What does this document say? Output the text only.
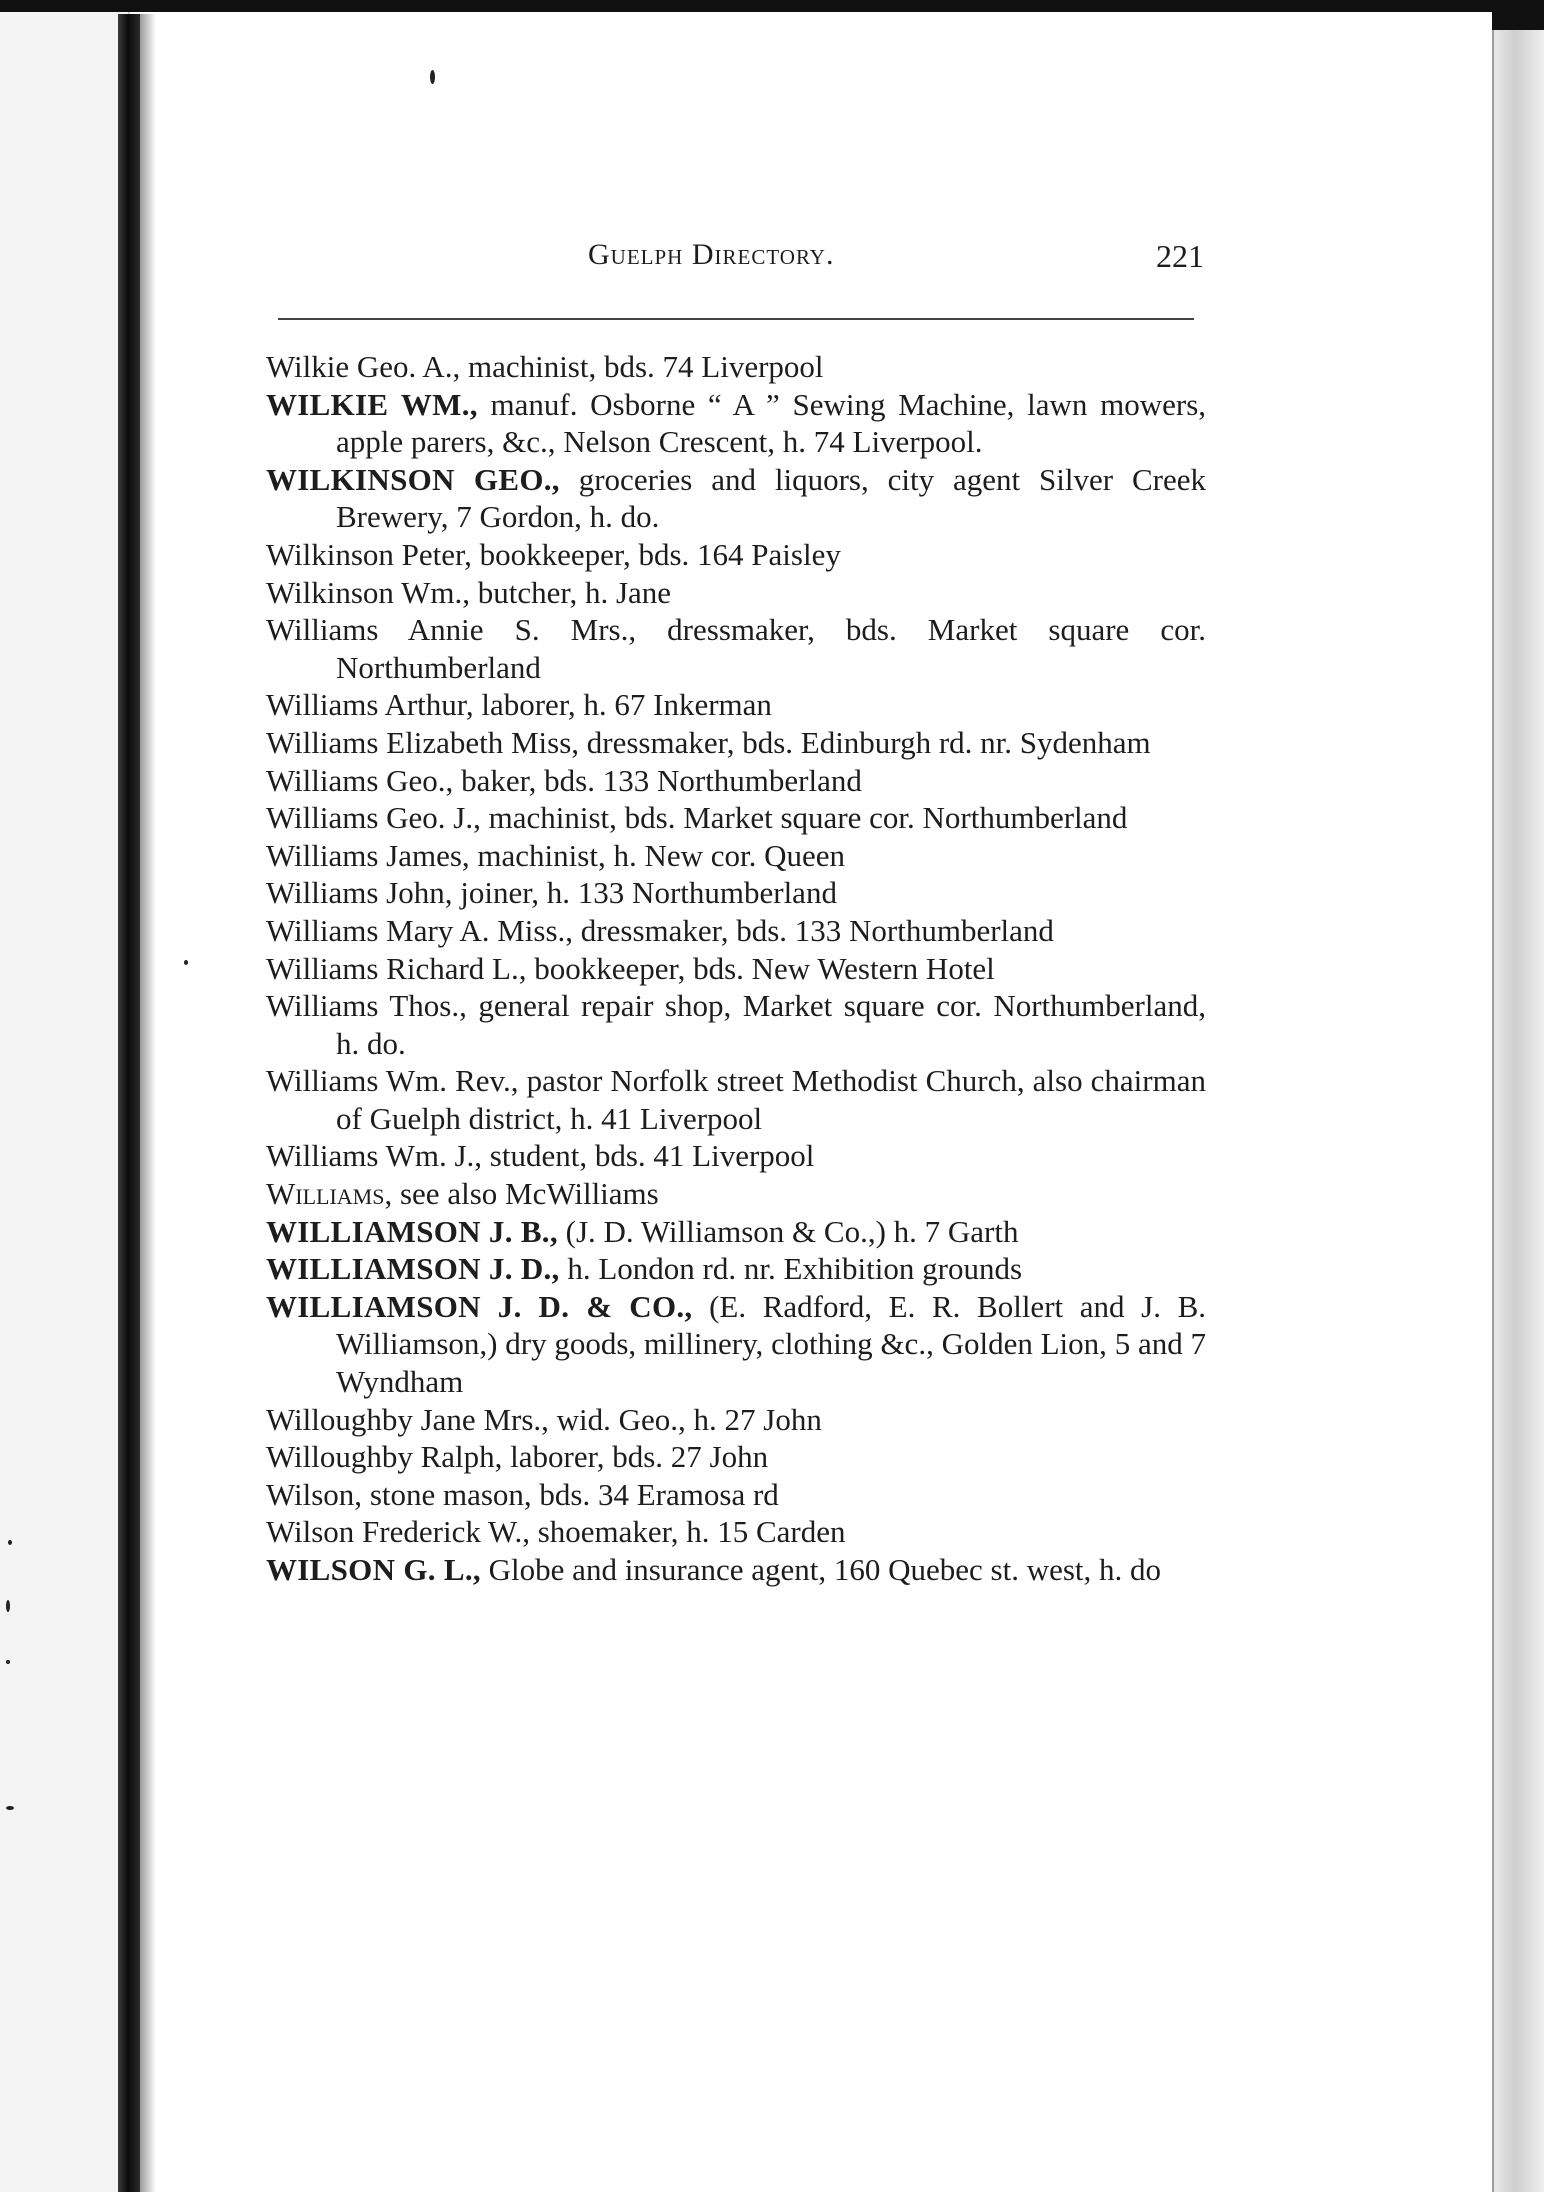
Guelph Directory.	221
Wilkie Geo. A., machinist, bds. 74 Liverpool
WILKIE WM., manuf. Osborne “ A ” Sewing Machine, lawn mowers, apple parers, &c., Nelson Crescent, h. 74 Liverpool.
WILKINSON GEO., groceries and liquors, city agent Silver Creek Brewery, 7 Gordon, h. do.
Wilkinson Peter, bookkeeper, bds. 164 Paisley
Wilkinson Wm., butcher, h. Jane
Williams Annie S. Mrs., dressmaker, bds. Market square cor. Northumberland
Williams Arthur, laborer, h. 67 Inkerman
Williams Elizabeth Miss, dressmaker, bds. Edinburgh rd. nr. Sydenham
Williams Geo., baker, bds. 133 Northumberland
Williams Geo. J., machinist, bds. Market square cor. Northumberland
Williams James, machinist, h. New cor. Queen
Williams John, joiner, h. 133 Northumberland
Williams Mary A. Miss., dressmaker, bds. 133 Northumberland
Williams Richard L., bookkeeper, bds. New Western Hotel
Williams Thos., general repair shop, Market square cor. Northumberland, h. do.
Williams Wm. Rev., pastor Norfolk street Methodist Church, also chairman of Guelph district, h. 41 Liverpool
Williams Wm. J., student, bds. 41 Liverpool
Williams, see also McWilliams
WILLIAMSON J. B., (J. D. Williamson & Co.,) h. 7 Garth
WILLIAMSON J. D., h. London rd. nr. Exhibition grounds
WILLIAMSON J. D. & CO., (E. Radford, E. R. Bollert and J. B. Williamson,) dry goods, millinery, clothing &c., Golden Lion, 5 and 7 Wyndham
Willoughby Jane Mrs., wid. Geo., h. 27 John
Willoughby Ralph, laborer, bds. 27 John
Wilson, stone mason, bds. 34 Eramosa rd
Wilson Frederick W., shoemaker, h. 15 Carden
WILSON G. L., Globe and insurance agent, 160 Quebec st. west, h. do
